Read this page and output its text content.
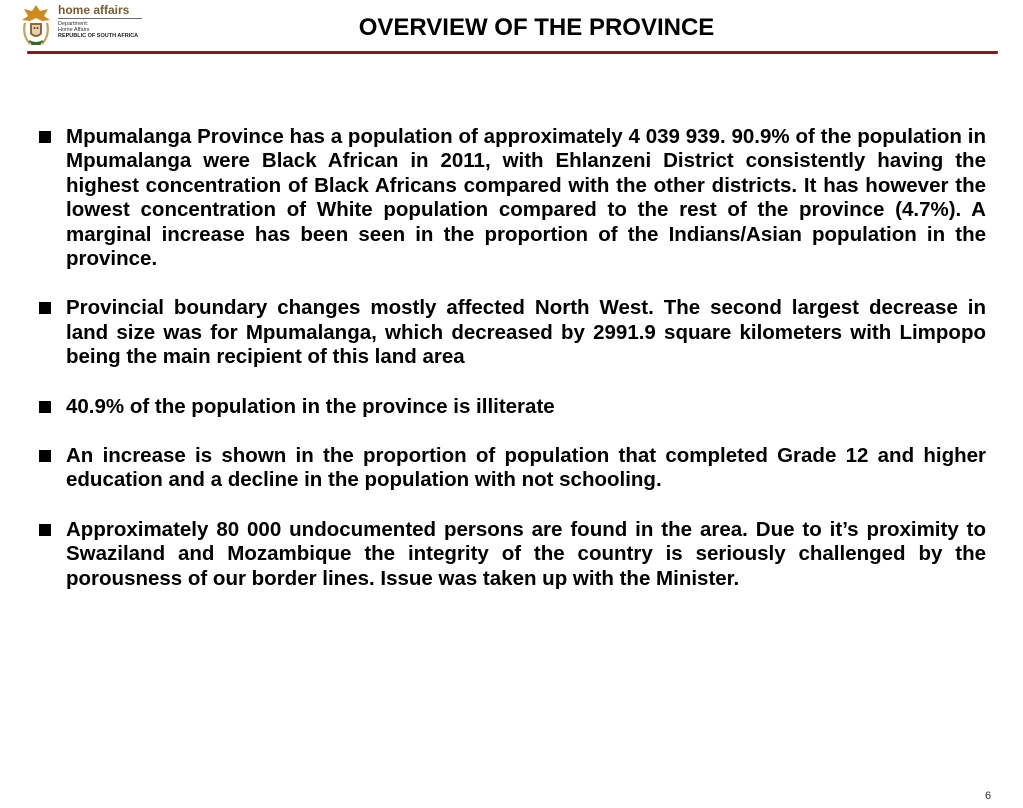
home affairs
Department:
Home Affairs
REPUBLIC OF SOUTH AFRICA	OVERVIEW OF THE PROVINCE
Mpumalanga Province has a population of approximately 4 039 939. 90.9% of the population in Mpumalanga were Black African in 2011, with Ehlanzeni District consistently having the highest concentration of Black Africans compared with the other districts. It has however the lowest concentration of White population compared to the rest of the province (4.7%). A marginal increase has been seen in the proportion of the Indians/Asian population in the province.
Provincial boundary changes mostly affected North West. The second largest decrease in land size was for Mpumalanga, which decreased by 2991.9 square kilometers with Limpopo being the main recipient of this land area
40.9% of the population in the province is illiterate
An increase is shown in the proportion of population that completed Grade 12 and higher education and a decline in the population with not schooling.
Approximately 80 000 undocumented persons are found in the area. Due to it’s proximity to Swaziland and Mozambique the integrity of the country is seriously challenged by the porousness of our border lines. Issue was taken up with the Minister.
6
